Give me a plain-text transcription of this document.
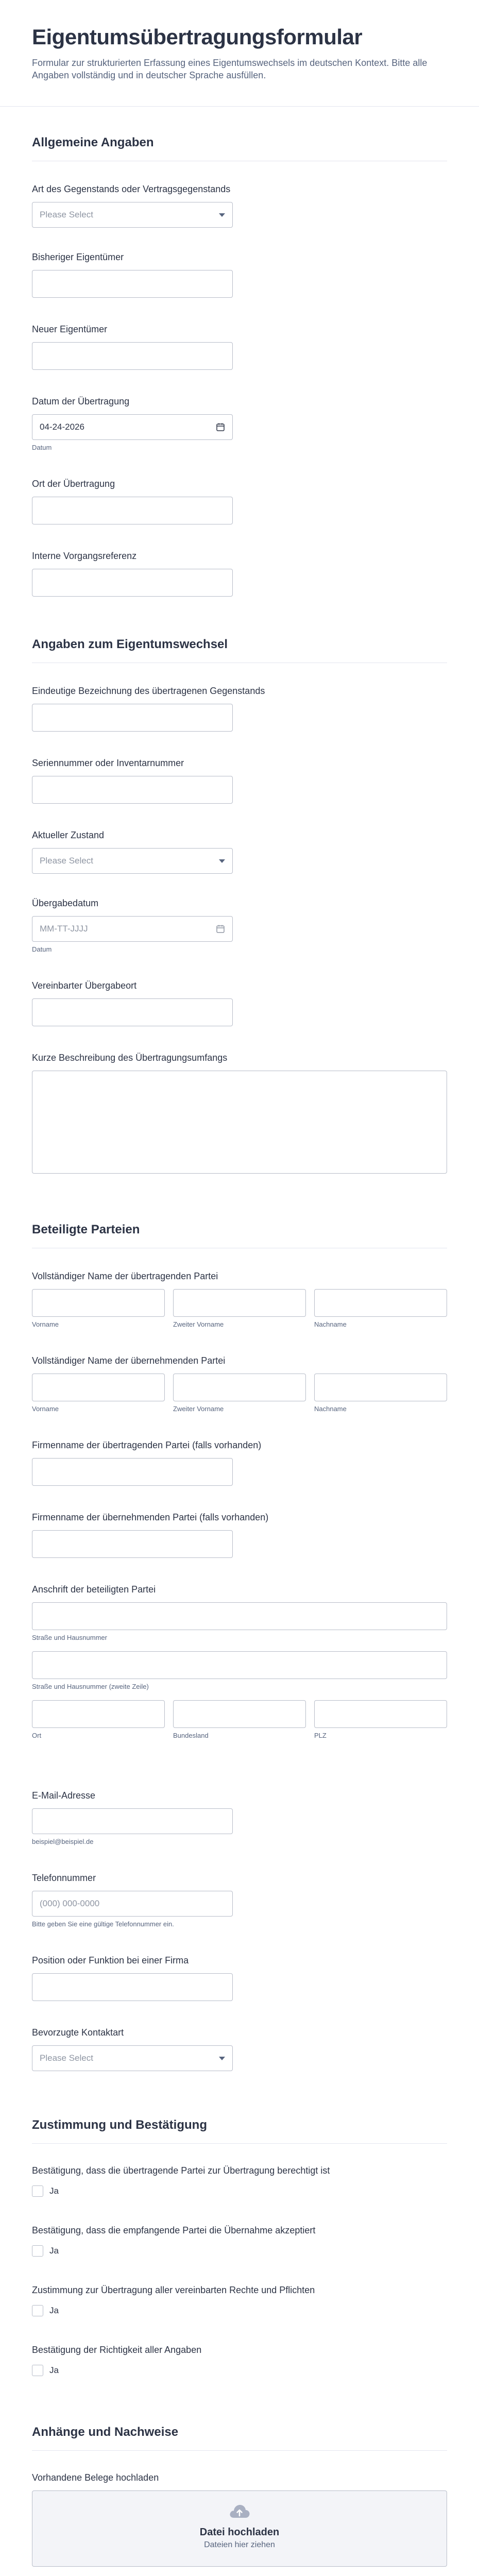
Eigentumsübertragungsformular
Formular zur strukturierten Erfassung eines Eigentumswechsels im deutschen Kontext. Bitte alle Angaben vollständig und in deutscher Sprache ausfüllen.
Allgemeine Angaben
Art des Gegenstands oder Vertragsgegenstands
Please Select
Bisheriger Eigentümer
Neuer Eigentümer
Datum der Übertragung
04-24-2026
Datum
Ort der Übertragung
Interne Vorgangsreferenz
Angaben zum Eigentumswechsel
Eindeutige Bezeichnung des übertragenen Gegenstands
Seriennummer oder Inventarnummer
Aktueller Zustand
Please Select
Übergabedatum
MM-TT-JJJJ
Datum
Vereinbarter Übergabeort
Kurze Beschreibung des Übertragungsumfangs
Beteiligte Parteien
Vollständiger Name der übertragenden Partei
Vorname	Zweiter Vorname	Nachname
Vollständiger Name der übernehmenden Partei
Vorname	Zweiter Vorname	Nachname
Firmenname der übertragenden Partei (falls vorhanden)
Firmenname der übernehmenden Partei (falls vorhanden)
Anschrift der beteiligten Partei
Straße und Hausnummer
Straße und Hausnummer (zweite Zeile)
Ort	Bundesland	PLZ
E-Mail-Adresse
beispiel@beispiel.de
Telefonnummer
(000) 000-0000
Bitte geben Sie eine gültige Telefonnummer ein.
Position oder Funktion bei einer Firma
Bevorzugte Kontaktart
Please Select
Zustimmung und Bestätigung
Bestätigung, dass die übertragende Partei zur Übertragung berechtigt ist
Ja
Bestätigung, dass die empfangende Partei die Übernahme akzeptiert
Ja
Zustimmung zur Übertragung aller vereinbarten Rechte und Pflichten
Ja
Bestätigung der Richtigkeit aller Angaben
Ja
Anhänge und Nachweise
Vorhandene Belege hochladen
Datei hochladen
Dateien hier ziehen
